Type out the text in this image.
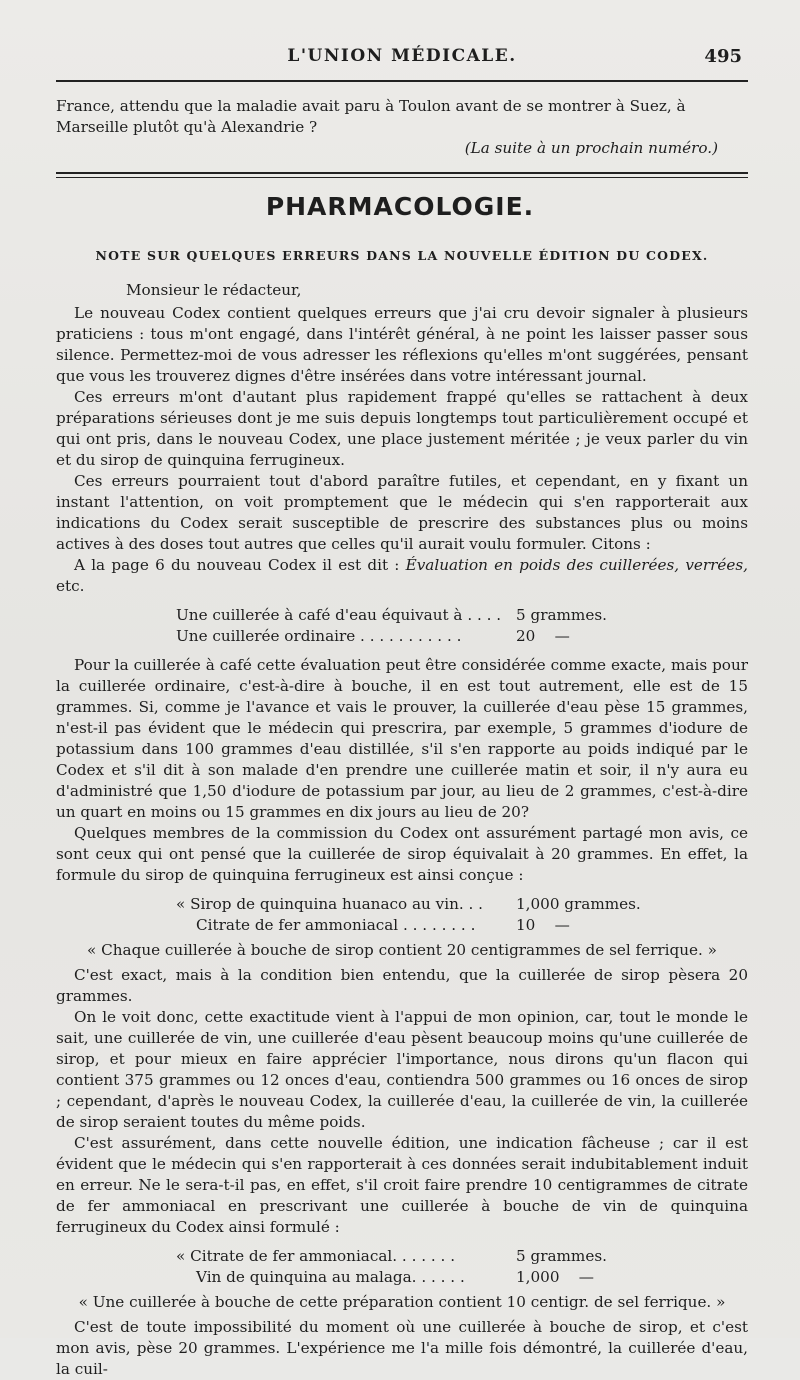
L'UNION MÉDICALE.	495

France, attendu que la maladie avait paru à Toulon avant de se montrer à Suez, à

Marseille plutôt qu'à Alexandrie ?

(La suite à un prochain numéro.)

PHARMACOLOGIE.
NOTE SUR QUELQUES ERREURS DANS LA NOUVELLE ÉDITION DU CODEX.

Monsieur le rédacteur,

Le nouveau Codex contient quelques erreurs que j'ai cru devoir signaler à plusieurs praticiens : tous m'ont engagé, dans l'intérêt général, à ne point les laisser passer sous silence. Permettez-moi de vous adresser les réflexions qu'elles m'ont suggérées, pensant que vous les trouverez dignes d'être insérées dans votre intéressant journal.

Ces erreurs m'ont d'autant plus rapidement frappé qu'elles se rattachent à deux préparations sérieuses dont je me suis depuis longtemps tout particulièrement occupé et qui ont pris, dans le nouveau Codex, une place justement méritée ; je veux parler du vin et du sirop de quinquina ferrugineux.

Ces erreurs pourraient tout d'abord paraître futiles, et cependant, en y fixant un instant l'attention, on voit promptement que le médecin qui s'en rapporterait aux indications du Codex serait susceptible de prescrire des substances plus ou moins actives à des doses tout autres que celles qu'il aurait voulu formuler. Citons :

A la page 6 du nouveau Codex il est dit : Évaluation en poids des cuillerées, verrées, etc.

Une cuillerée à café d'eau équivaut à . . . . 5 grammes.
Une cuillerée ordinaire . . . . . . . . . . .	20    —

Pour la cuillerée à café cette évaluation peut être considérée comme exacte, mais pour la cuillerée ordinaire, c'est-à-dire à bouche, il en est tout autrement, elle est de 15 grammes. Si, comme je l'avance et vais le prouver, la cuillerée d'eau pèse 15 grammes, n'est-il pas évident que le médecin qui prescrira, par exemple, 5 grammes d'iodure de potassium dans 100 grammes d'eau distillée, s'il s'en rapporte au poids indiqué par le Codex et s'il dit à son malade d'en prendre une cuillerée matin et soir, il n'y aura eu d'administré que 1,50 d'iodure de potassium par jour, au lieu de 2 grammes, c'est-à-dire un quart en moins ou 15 grammes en dix jours au lieu de 20?

Quelques membres de la commission du Codex ont assurément partagé mon avis, ce sont ceux qui ont pensé que la cuillerée de sirop équivalait à 20 grammes. En effet, la formule du sirop de quinquina ferrugineux est ainsi conçue :

« Sirop de quinquina huanaco au vin. . .	1,000 grammes.
Citrate de fer ammoniacal . . . . . . . .	10    —

« Chaque cuillerée à bouche de sirop contient 20 centigrammes de sel ferrique. »

C'est exact, mais à la condition bien entendu, que la cuillerée de sirop pèsera 20 grammes.

On le voit donc, cette exactitude vient à l'appui de mon opinion, car, tout le monde le sait, une cuillerée de vin, une cuillerée d'eau pèsent beaucoup moins qu'une cuillerée de sirop, et pour mieux en faire apprécier l'importance, nous dirons qu'un flacon qui contient 375 grammes ou 12 onces d'eau, contiendra 500 grammes ou 16 onces de sirop ; cependant, d'après le nouveau Codex, la cuillerée d'eau, la cuillerée de vin, la cuillerée de sirop seraient toutes du même poids.

C'est assurément, dans cette nouvelle édition, une indication fâcheuse ; car il est évident que le médecin qui s'en rapporterait à ces données serait indubitablement induit en erreur. Ne le sera-t-il pas, en effet, s'il croit faire prendre 10 centigrammes de citrate de fer ammoniacal en prescrivant une cuillerée à bouche de vin de quinquina ferrugineux du Codex ainsi formulé :

« Citrate de fer ammoniacal. . . . . . .	5 grammes.
Vin de quinquina au malaga. . . . . .	1,000    —

« Une cuillerée à bouche de cette préparation contient 10 centigr. de sel ferrique. »

C'est de toute impossibilité du moment où une cuillerée à bouche de sirop, et c'est mon avis, pèse 20 grammes. L'expérience me l'a mille fois démontré, la cuillerée d'eau, la cuil-
